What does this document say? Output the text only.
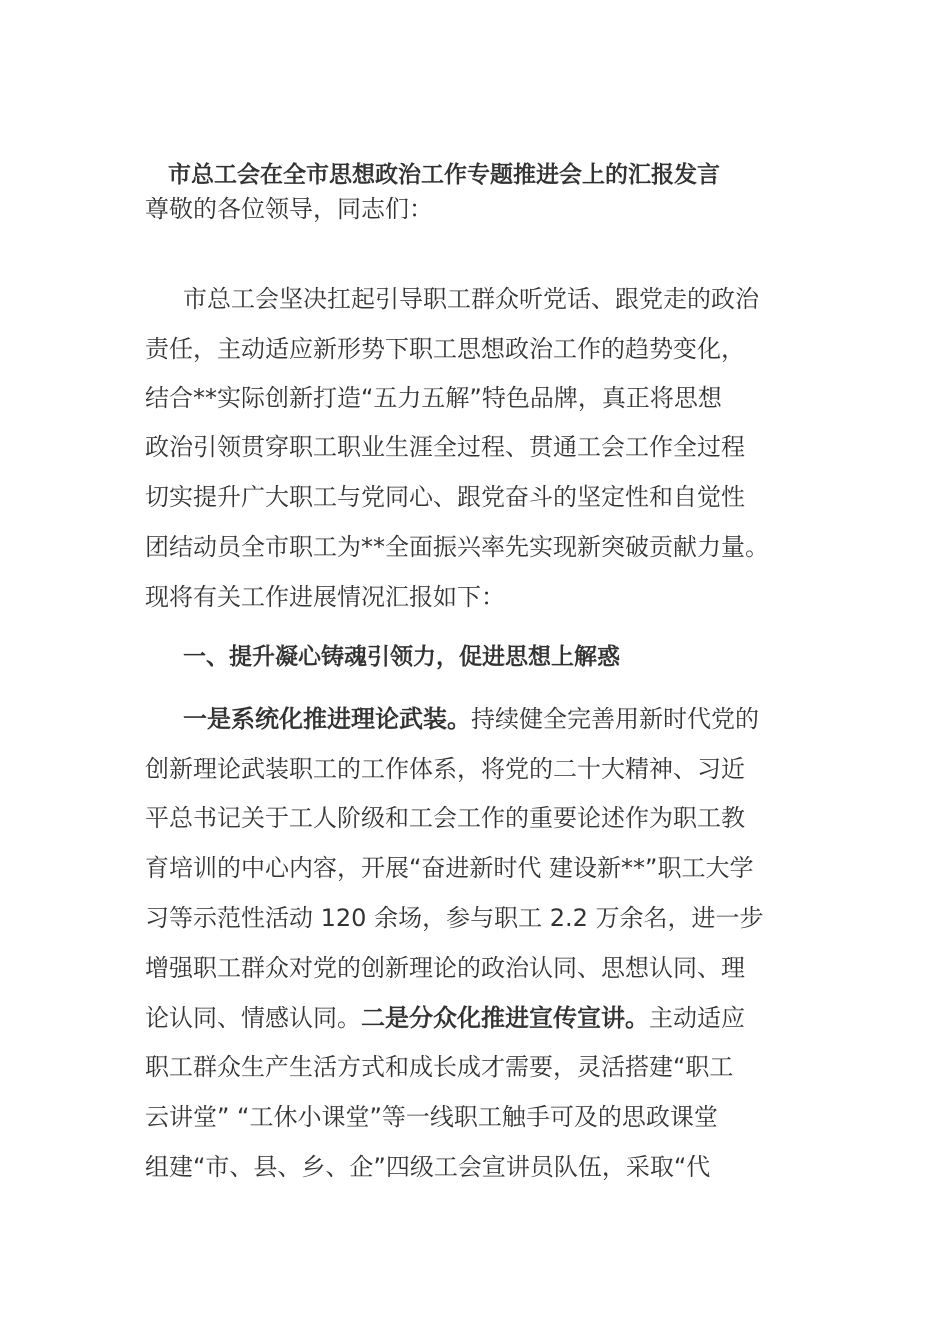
市总工会在全市思想政治工作专题推进会上的汇报发言
尊敬的各位领导，同志们：
市总工会坚决扛起引导职工群众听党话、跟党走的政治
责任，主动适应新形势下职工思想政治工作的趋势变化，
结合**实际创新打造“五力五解”特色品牌，真正将思想
政治引领贯穿职工职业生涯全过程、贯通工会工作全过程
切实提升广大职工与党同心、跟党奋斗的坚定性和自觉性
团结动员全市职工为**全面振兴率先实现新突破贡献力量。
现将有关工作进展情况汇报如下：
一、提升凝心铸魂引领力，促进思想上解惑
一是系统化推进理论武装。持续健全完善用新时代党的
创新理论武装职工的工作体系，将党的二十大精神、习近
平总书记关于工人阶级和工会工作的重要论述作为职工教
育培训的中心内容，开展“奋进新时代 建设新**”职工大学
习等示范性活动 120 余场，参与职工 2.2 万余名，进一步
增强职工群众对党的创新理论的政治认同、思想认同、理
论认同、情感认同。二是分众化推进宣传宣讲。主动适应
职工群众生产生活方式和成长成才需要，灵活搭建“职工
云讲堂” “工休小课堂”等一线职工触手可及的思政课堂
组建“市、县、乡、企”四级工会宣讲员队伍，采取“代
